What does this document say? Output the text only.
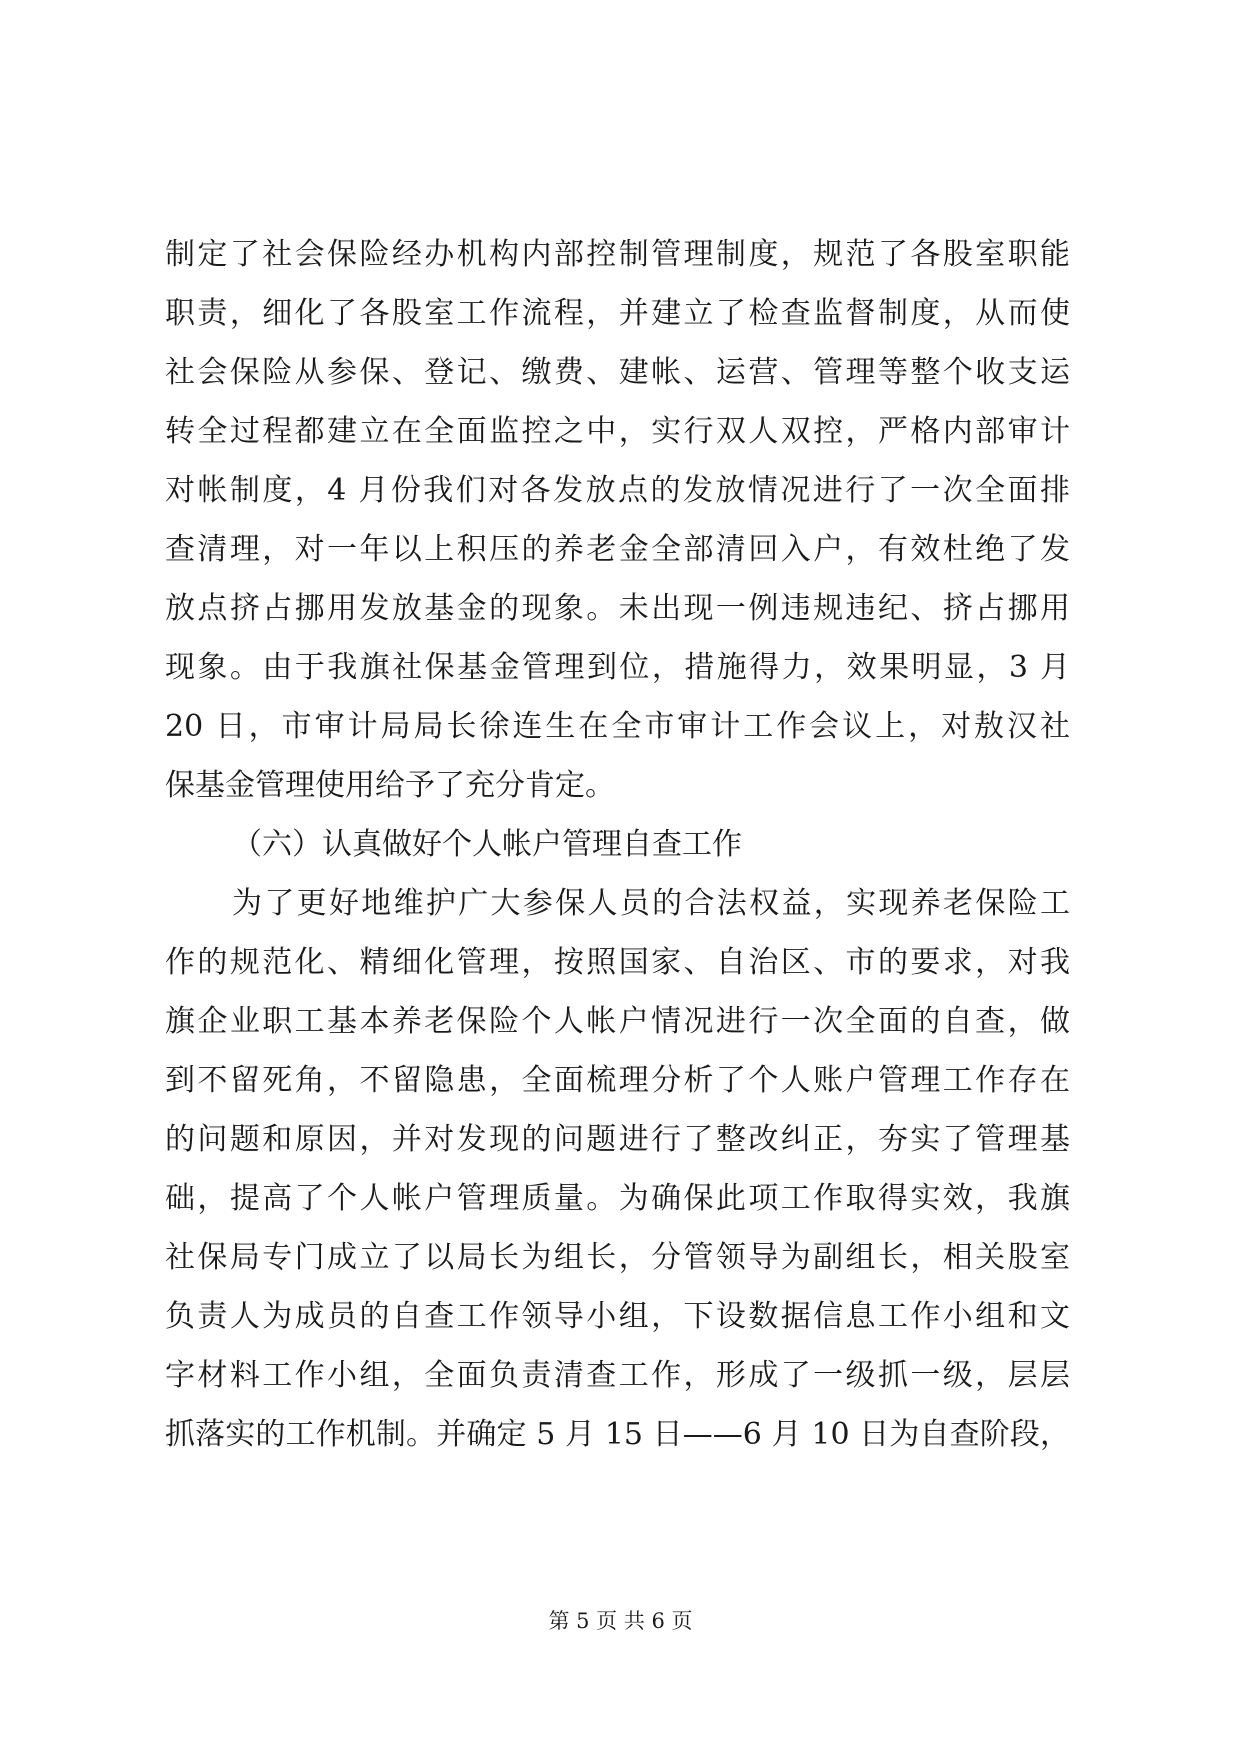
制定了社会保险经办机构内部控制管理制度，规范了各股室职能
职责，细化了各股室工作流程，并建立了检查监督制度，从而使
社会保险从参保、登记、缴费、建帐、运营、管理等整个收支运
转全过程都建立在全面监控之中，实行双人双控，严格内部审计
对帐制度，4 月份我们对各发放点的发放情况进行了一次全面排
查清理，对一年以上积压的养老金全部清回入户，有效杜绝了发
放点挤占挪用发放基金的现象。未出现一例违规违纪、挤占挪用
现象。由于我旗社保基金管理到位，措施得力，效果明显，3 月
20 日，市审计局局长徐连生在全市审计工作会议上，对敖汉社
保基金管理使用给予了充分肯定。
（六）认真做好个人帐户管理自查工作
为了更好地维护广大参保人员的合法权益，实现养老保险工
作的规范化、精细化管理，按照国家、自治区、市的要求，对我
旗企业职工基本养老保险个人帐户情况进行一次全面的自查，做
到不留死角，不留隐患，全面梳理分析了个人账户管理工作存在
的问题和原因，并对发现的问题进行了整改纠正，夯实了管理基
础，提高了个人帐户管理质量。为确保此项工作取得实效，我旗
社保局专门成立了以局长为组长，分管领导为副组长，相关股室
负责人为成员的自查工作领导小组，下设数据信息工作小组和文
字材料工作小组，全面负责清查工作，形成了一级抓一级，层层
抓落实的工作机制。并确定 5 月 15 日——6 月 10 日为自查阶段，
第 5 页 共 6 页
